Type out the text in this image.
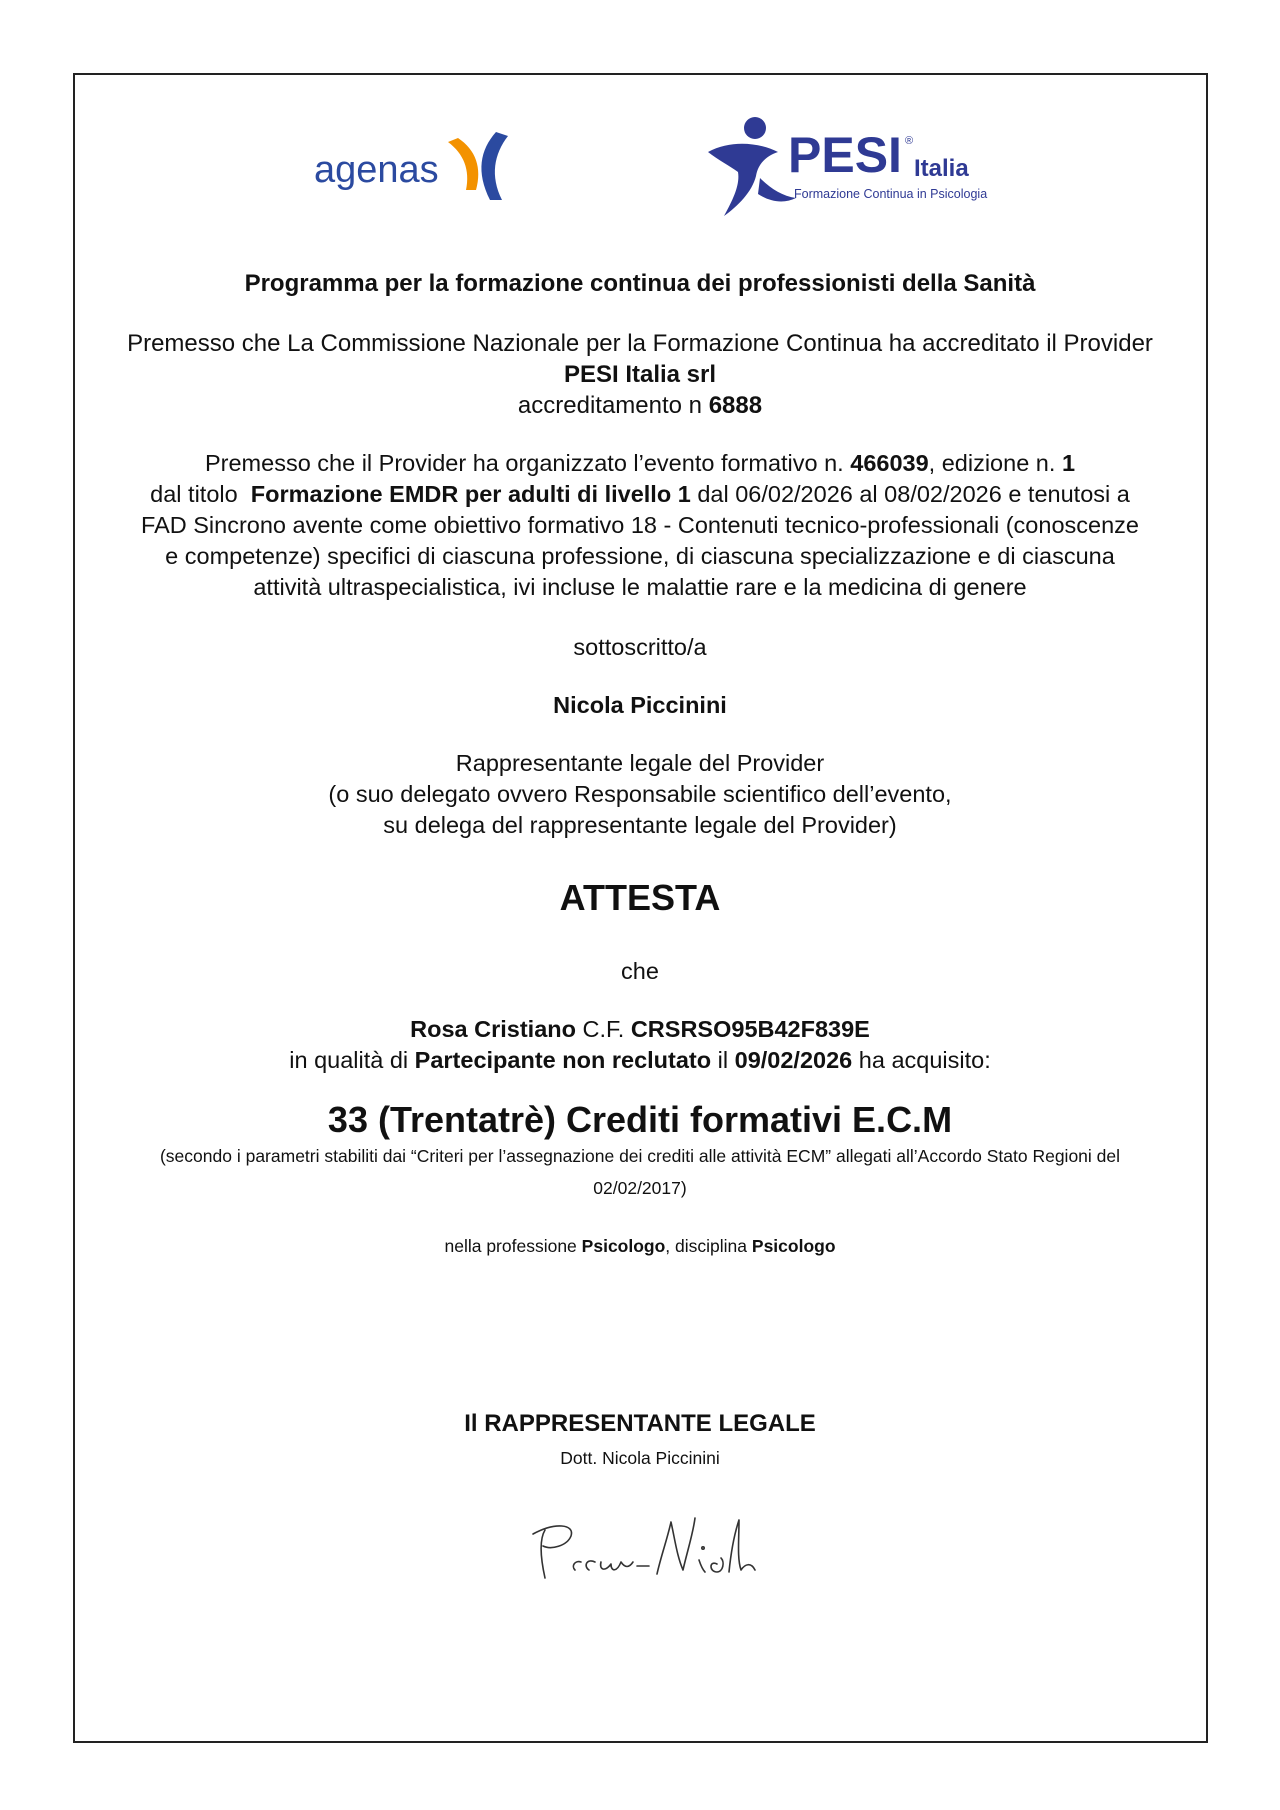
agenas	PESI ®
Italia
Formazione Continua in Psicologia
Programma per la formazione continua dei professionisti della Sanità
Premesso che La Commissione Nazionale per la Formazione Continua ha accreditato il Provider
PESI Italia srl
accreditamento n 6888
Premesso che il Provider ha organizzato l’evento formativo n. 466039, edizione n. 1
dal titolo Formazione EMDR per adulti di livello 1 dal 06/02/2026 al 08/02/2026 e tenutosi a
FAD Sincrono avente come obiettivo formativo 18 - Contenuti tecnico-professionali (conoscenze
e competenze) specifici di ciascuna professione, di ciascuna specializzazione e di ciascuna
attività ultraspecialistica, ivi incluse le malattie rare e la medicina di genere
sottoscritto/a
Nicola Piccinini
Rappresentante legale del Provider
(o suo delegato ovvero Responsabile scientifico dell’evento,
su delega del rappresentante legale del Provider)
ATTESTA
che
Rosa Cristiano C.F. CRSRSO95B42F839E
in qualità di Partecipante non reclutato il 09/02/2026 ha acquisito:
33 (Trentatrè) Crediti formativi E.C.M
(secondo i parametri stabiliti dai “Criteri per l’assegnazione dei crediti alle attività ECM” allegati all’Accordo Stato Regioni del
02/02/2017)
nella professione Psicologo, disciplina Psicologo
Il RAPPRESENTANTE LEGALE
Dott. Nicola Piccinini
